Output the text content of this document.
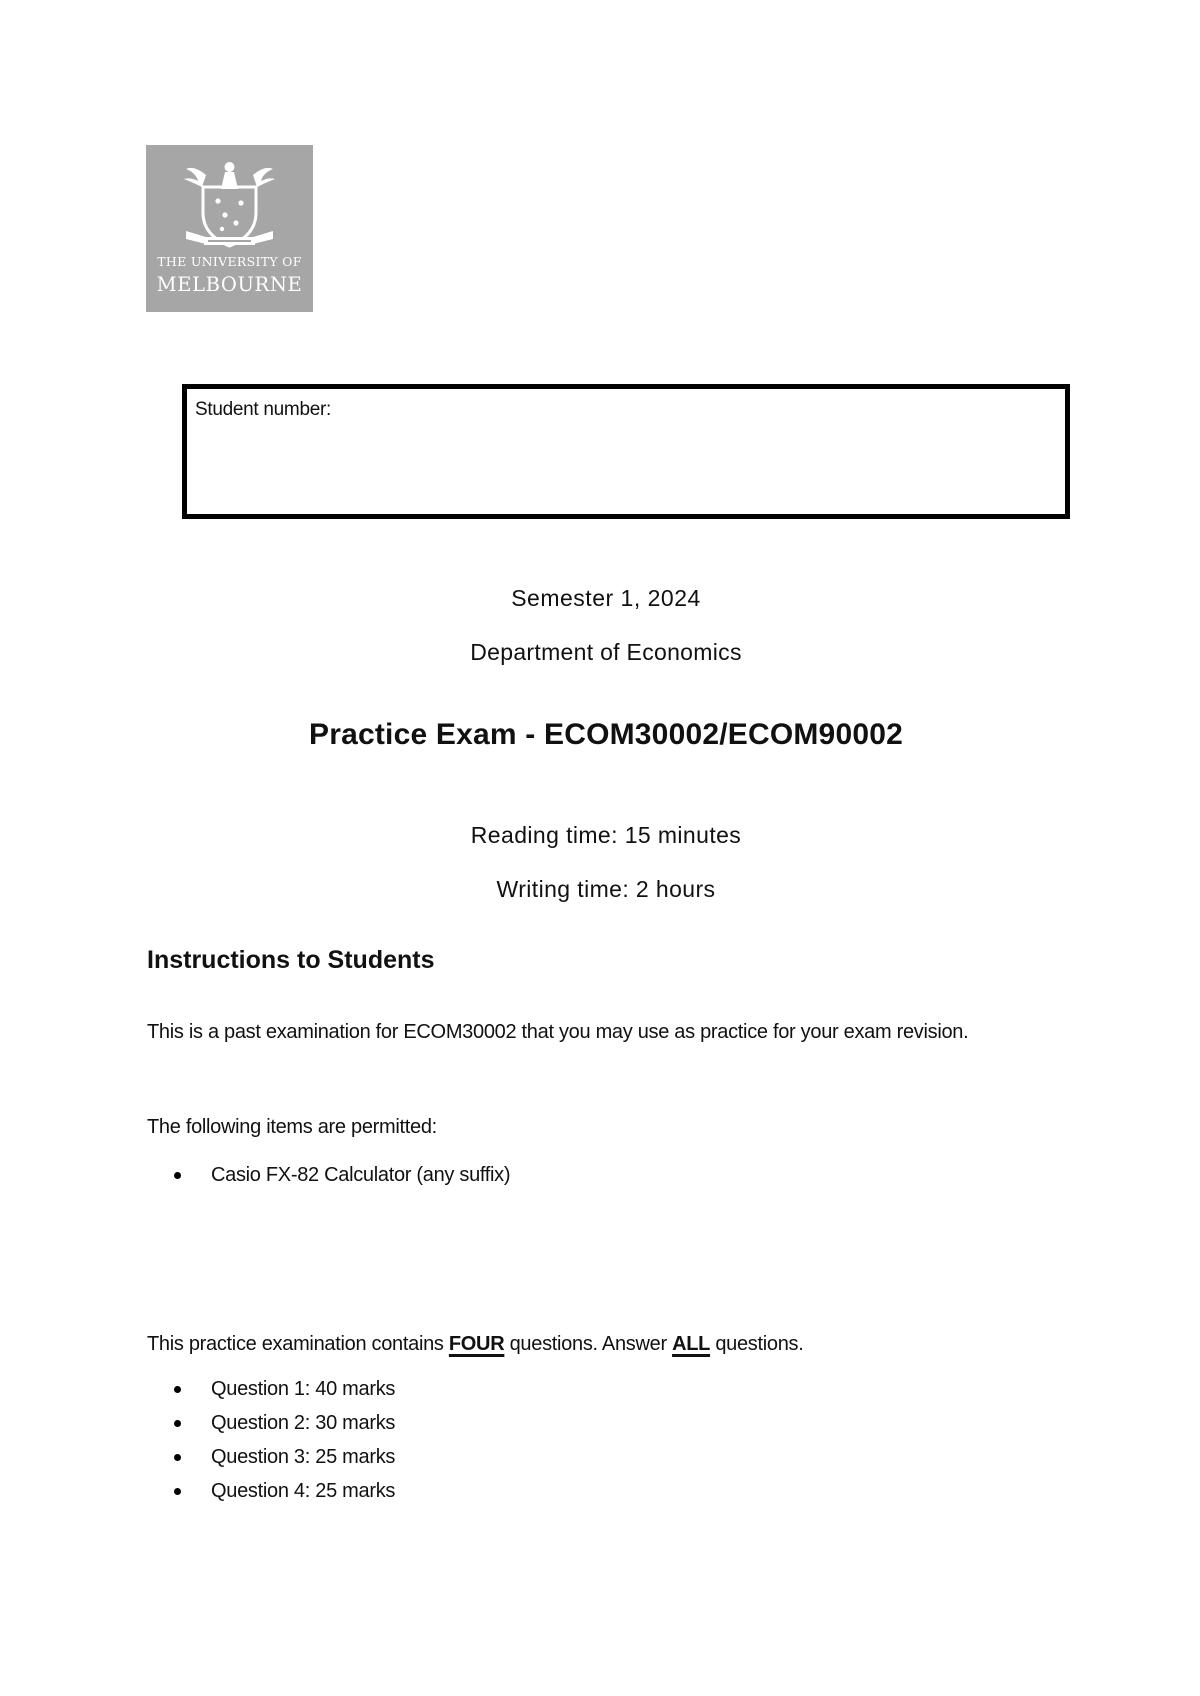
THE UNIVERSITY OF
MELBOURNE
Student number:
Semester 1, 2024
Department of Economics
Practice Exam - ECOM30002/ECOM90002
Reading time: 15 minutes
Writing time: 2 hours
Instructions to Students
This is a past examination for ECOM30002 that you may use as practice for your exam revision.
The following items are permitted:
Casio FX-82 Calculator (any suffix)
This practice examination contains FOUR questions. Answer ALL questions.
Question 1: 40 marks
Question 2: 30 marks
Question 3: 25 marks
Question 4: 25 marks
